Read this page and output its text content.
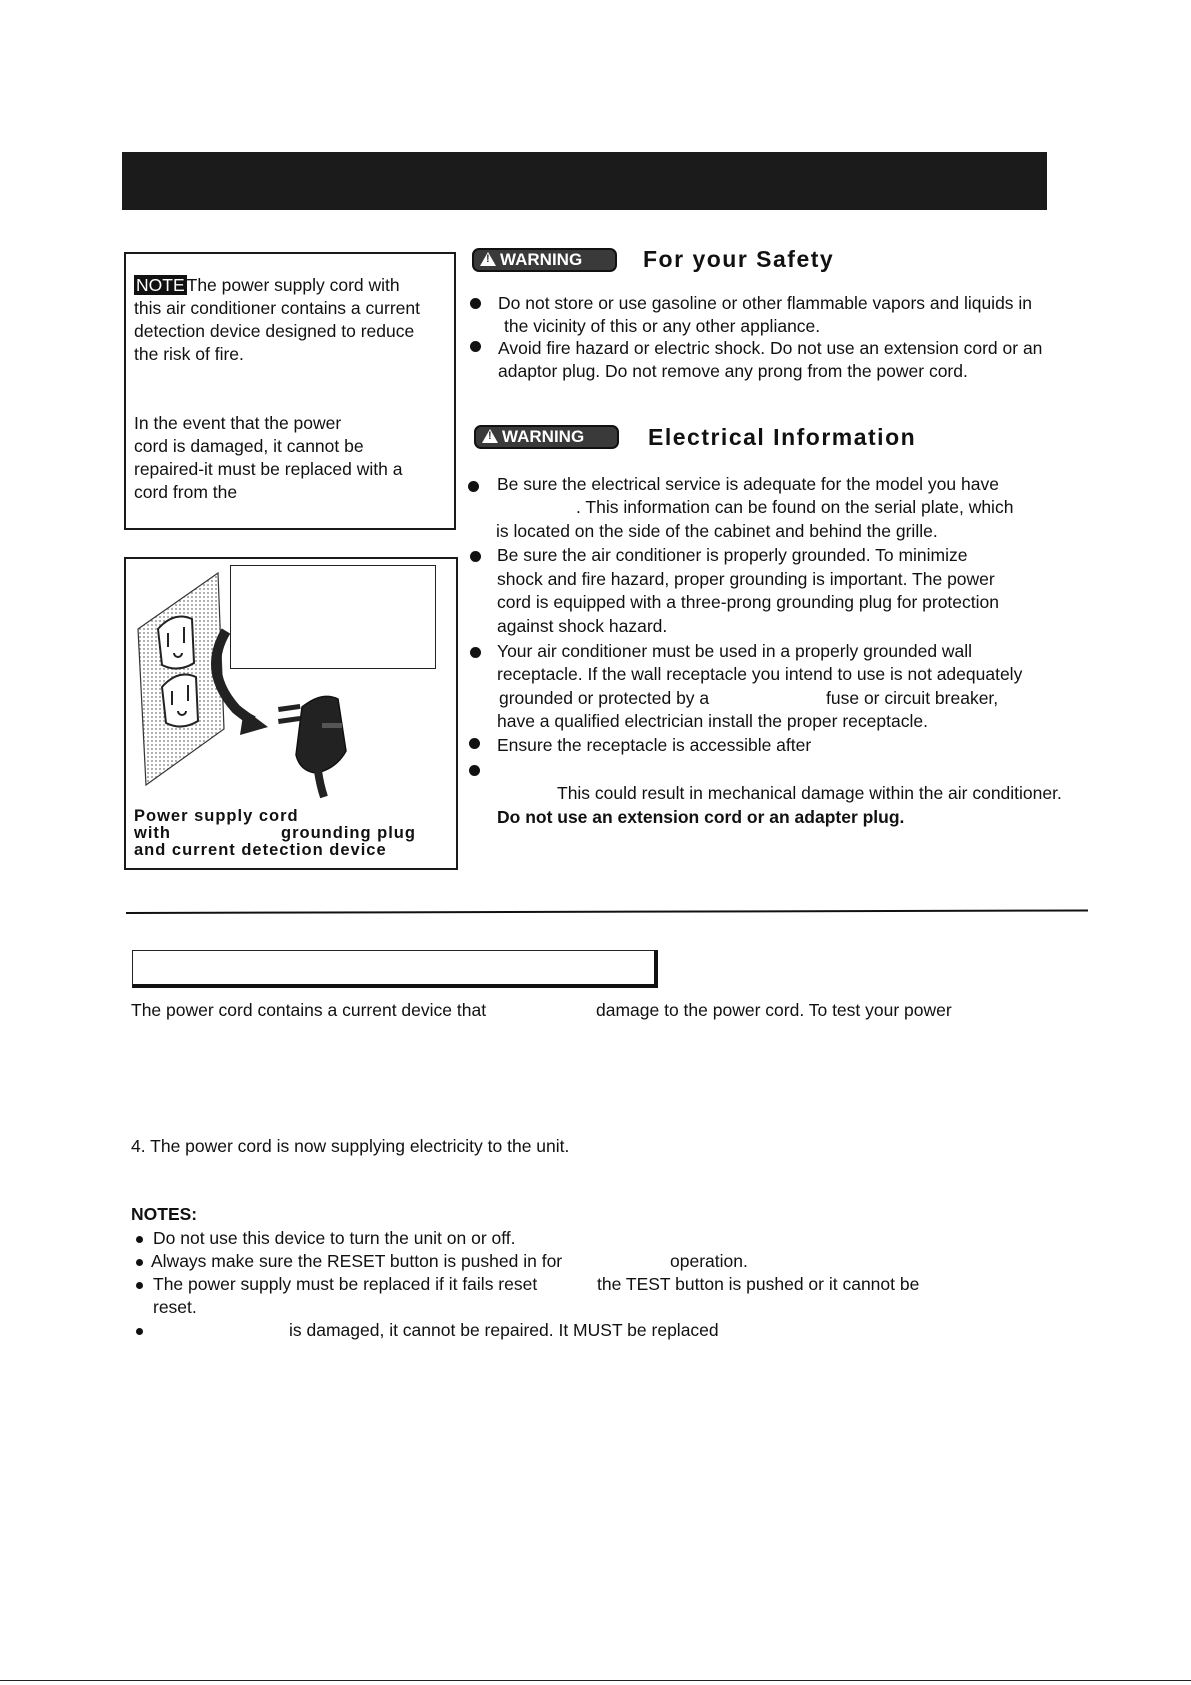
NOTE The power supply cord with
this air conditioner contains a current
detection device designed to reduce
the risk of fire.
In the event that the power
cord is damaged, it cannot be
repaired-it must be replaced with a
cord from the
Power supply cord
with	grounding plug
and current detection device
!WARNING	For your Safety
Do not store or use gasoline or other flammable vapors and liquids in
the vicinity of this or any other appliance.
Avoid fire hazard or electric shock. Do not use an extension cord or an
adaptor plug. Do not remove any prong from the power cord.
!WARNING	Electrical Information
Be sure the electrical service is adequate for the model you have
. This information can be found on the serial plate, which
is located on the side of the cabinet and behind the grille.
Be sure the air conditioner is properly grounded. To minimize
shock and fire hazard, proper grounding is important. The power
cord is equipped with a three-prong grounding plug for protection
against shock hazard.
Your air conditioner must be used in a properly grounded wall
receptacle. If the wall receptacle you intend to use is not adequately
grounded or protected by a	fuse or circuit breaker,
have a qualified electrician install the proper receptacle.
Ensure the receptacle is accessible after
This could result in mechanical damage within the air conditioner.
Do not use an extension cord or an adapter plug.
The power cord contains a current device that	damage to the power cord. To test your power
4. The power cord is now supplying electricity to the unit.
NOTES:
Do not use this device to turn the unit on or off.
Always make sure the RESET button is pushed in for	operation.
The power supply must be replaced if it fails reset	the TEST button is pushed or it cannot be
reset.
is damaged, it cannot be repaired. It MUST be replaced
